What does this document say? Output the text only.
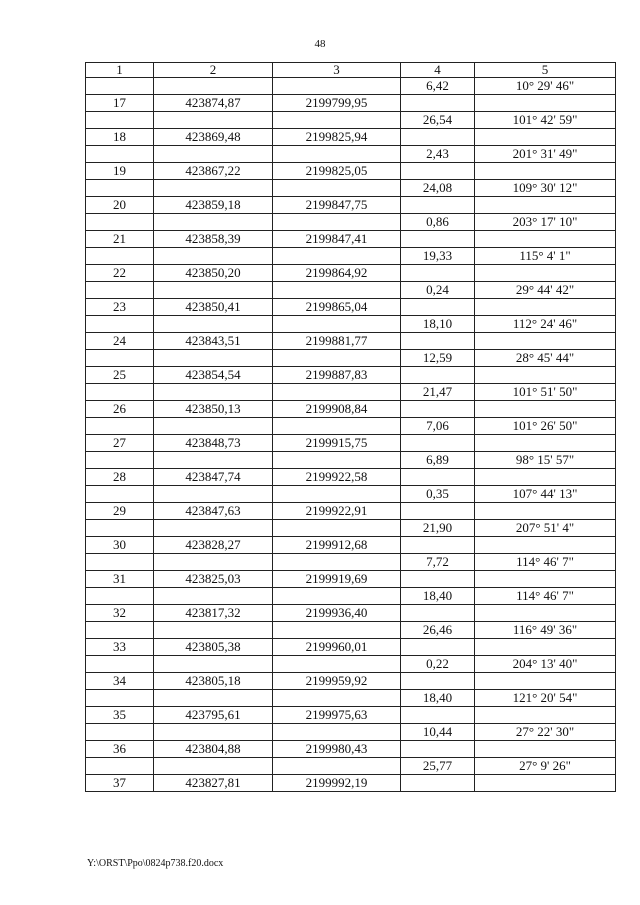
48
1	2	3	4	5
			6,42	10° 29' 46"
17	423874,87	2199799,95		
			26,54	101° 42' 59"
18	423869,48	2199825,94		
			2,43	201° 31' 49"
19	423867,22	2199825,05		
			24,08	109° 30' 12"
20	423859,18	2199847,75		
			0,86	203° 17' 10"
21	423858,39	2199847,41		
			19,33	115° 4' 1"
22	423850,20	2199864,92		
			0,24	29° 44' 42"
23	423850,41	2199865,04		
			18,10	112° 24' 46"
24	423843,51	2199881,77		
			12,59	28° 45' 44"
25	423854,54	2199887,83		
			21,47	101° 51' 50"
26	423850,13	2199908,84		
			7,06	101° 26' 50"
27	423848,73	2199915,75		
			6,89	98° 15' 57"
28	423847,74	2199922,58		
			0,35	107° 44' 13"
29	423847,63	2199922,91		
			21,90	207° 51' 4"
30	423828,27	2199912,68		
			7,72	114° 46' 7"
31	423825,03	2199919,69		
			18,40	114° 46' 7"
32	423817,32	2199936,40		
			26,46	116° 49' 36"
33	423805,38	2199960,01		
			0,22	204° 13' 40"
34	423805,18	2199959,92		
			18,40	121° 20' 54"
35	423795,61	2199975,63		
			10,44	27° 22' 30"
36	423804,88	2199980,43		
			25,77	27° 9' 26"
37	423827,81	2199992,19		
Y:\ORST\Ppo\0824p738.f20.docx
